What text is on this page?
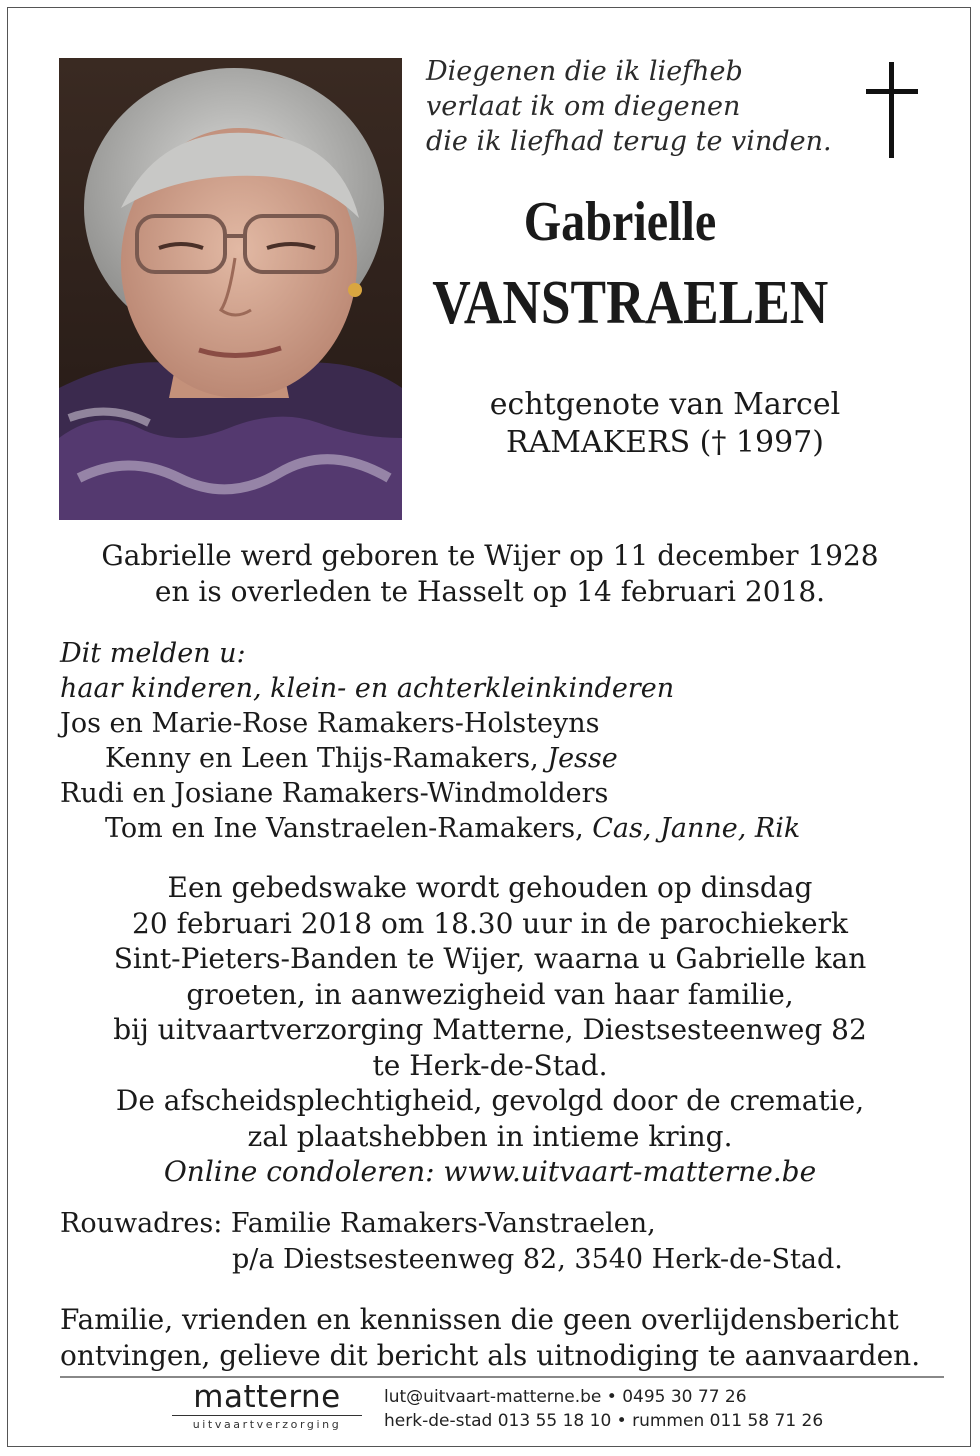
Diegenen die ik liefheb
verlaat ik om diegenen
die ik liefhad terug te vinden.
Gabrielle
VANSTRAELEN
echtgenote van Marcel
RAMAKERS († 1997)
Gabrielle werd geboren te Wijer op 11 december 1928
en is overleden te Hasselt op 14 februari 2018.
Dit melden u:
haar kinderen, klein- en achterkleinkinderen
Jos en Marie-Rose Ramakers-Holsteyns
Kenny en Leen Thijs-Ramakers, Jesse
Rudi en Josiane Ramakers-Windmolders
Tom en Ine Vanstraelen-Ramakers, Cas, Janne, Rik
Een gebedswake wordt gehouden op dinsdag
20 februari 2018 om 18.30 uur in de parochiekerk
Sint-Pieters-Banden te Wijer, waarna u Gabrielle kan
groeten, in aanwezigheid van haar familie,
bij uitvaartverzorging Matterne, Diestsesteenweg 82
te Herk-de-Stad.
De afscheidsplechtigheid, gevolgd door de crematie,
zal plaatshebben in intieme kring.
Online condoleren: www.uitvaart-matterne.be
Rouwadres: Familie Ramakers-Vanstraelen,
p/a Diestsesteenweg 82, 3540 Herk-de-Stad.
Familie, vrienden en kennissen die geen overlijdensbericht
ontvingen, gelieve dit bericht als uitnodiging te aanvaarden.
matterne
uitvaartverzorging
lut@uitvaart-matterne.be • 0495 30 77 26
herk-de-stad 013 55 18 10 • rummen 011 58 71 26
